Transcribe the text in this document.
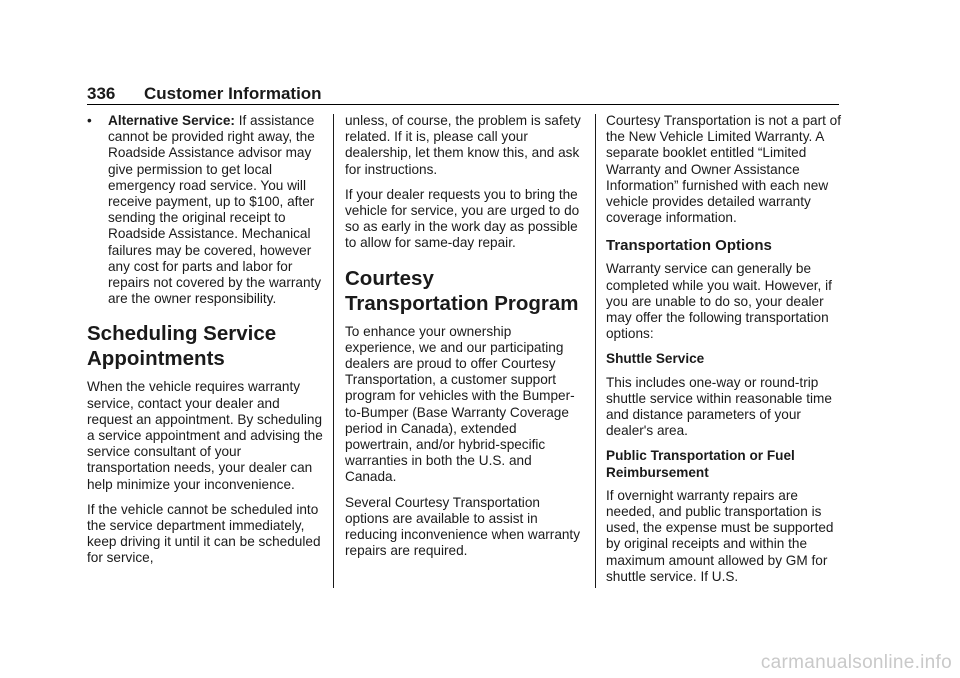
336	Customer Information
•	Alternative Service: If assistance cannot be provided right away, the Roadside Assistance advisor may give permission to get local emergency road service. You will receive payment, up to $100, after sending the original receipt to Roadside Assistance. Mechanical failures may be covered, however any cost for parts and labor for repairs not covered by the warranty are the owner responsibility.
Scheduling Service Appointments

When the vehicle requires warranty service, contact your dealer and request an appointment. By scheduling a service appointment and advising the service consultant of your transportation needs, your dealer can help minimize your inconvenience.

If the vehicle cannot be scheduled into the service department immediately, keep driving it until it can be scheduled for service,

unless, of course, the problem is safety related. If it is, please call your dealership, let them know this, and ask for instructions.

If your dealer requests you to bring the vehicle for service, you are urged to do so as early in the work day as possible to allow for same-day repair.

Courtesy Transportation Program

To enhance your ownership experience, we and our participating dealers are proud to offer Courtesy Transportation, a customer support program for vehicles with the Bumper-to-Bumper (Base Warranty Coverage period in Canada), extended powertrain, and/or hybrid-specific warranties in both the U.S. and Canada.

Several Courtesy Transportation options are available to assist in reducing inconvenience when warranty repairs are required.

Courtesy Transportation is not a part of the New Vehicle Limited Warranty. A separate booklet entitled “Limited Warranty and Owner Assistance Information” furnished with each new vehicle provides detailed warranty coverage information.

Transportation Options

Warranty service can generally be completed while you wait. However, if you are unable to do so, your dealer may offer the following transportation options:

Shuttle Service

This includes one-way or round-trip shuttle service within reasonable time and distance parameters of your dealer's area.

Public Transportation or Fuel Reimbursement

If overnight warranty repairs are needed, and public transportation is used, the expense must be supported by original receipts and within the maximum amount allowed by GM for shuttle service. If U.S.

carmanualsonline.info
